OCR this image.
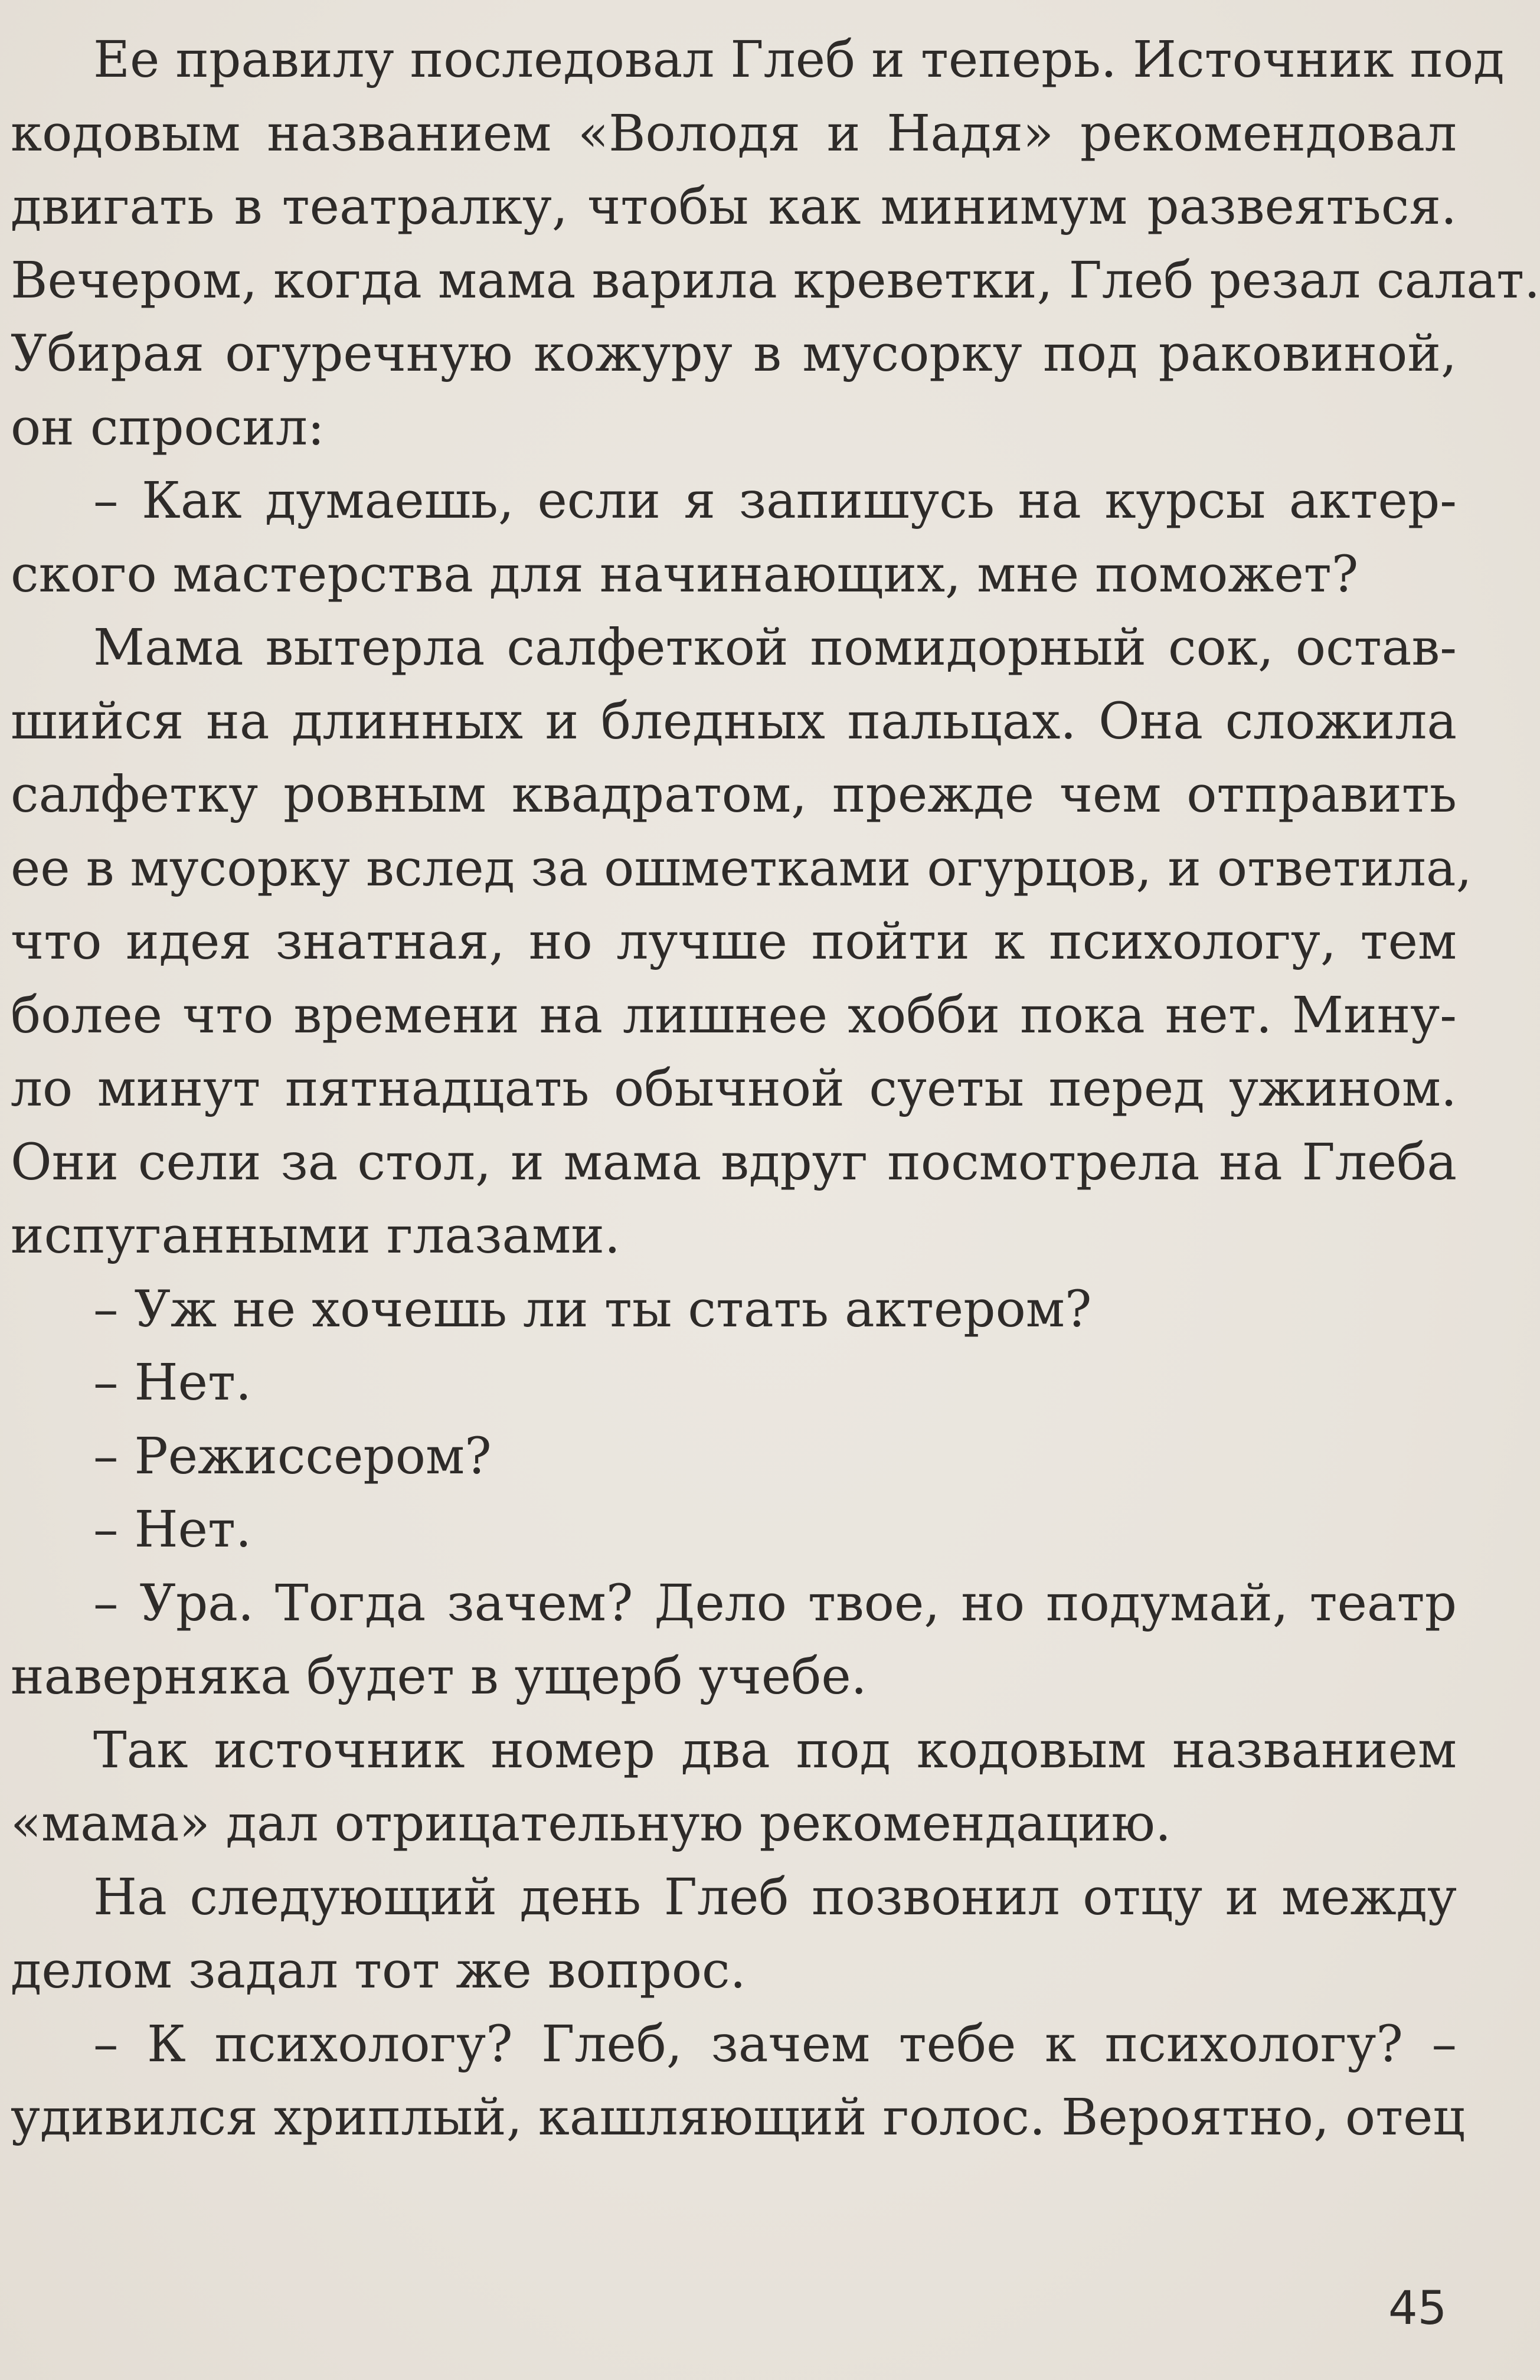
Ее правилу последовал Глеб и теперь. Источник под
кодовым названием «Володя и Надя» рекомендовал
двигать в театралку, чтобы как минимум развеяться.
Вечером, когда мама варила креветки, Глеб резал салат.
Убирая огуречную кожуру в мусорку под раковиной,
он спросил:
– Как думаешь, если я запишусь на курсы актер-
ского мастерства для начинающих, мне поможет?
Мама вытерла салфеткой помидорный сок, остав-
шийся на длинных и бледных пальцах. Она сложила
салфетку ровным квадратом, прежде чем отправить
ее в мусорку вслед за ошметками огурцов, и ответила,
что идея знатная, но лучше пойти к психологу, тем
более что времени на лишнее хобби пока нет. Мину-
ло минут пятнадцать обычной суеты перед ужином.
Они сели за стол, и мама вдруг посмотрела на Глеба
испуганными глазами.
– Уж не хочешь ли ты стать актером?
– Нет.
– Режиссером?
– Нет.
– Ура. Тогда зачем? Дело твое, но подумай, театр
наверняка будет в ущерб учебе.
Так источник номер два под кодовым названием
«мама» дал отрицательную рекомендацию.
На следующий день Глеб позвонил отцу и между
делом задал тот же вопрос.
– К психологу? Глеб, зачем тебе к психологу? –
удивился хриплый, кашляющий голос. Вероятно, отец
45
